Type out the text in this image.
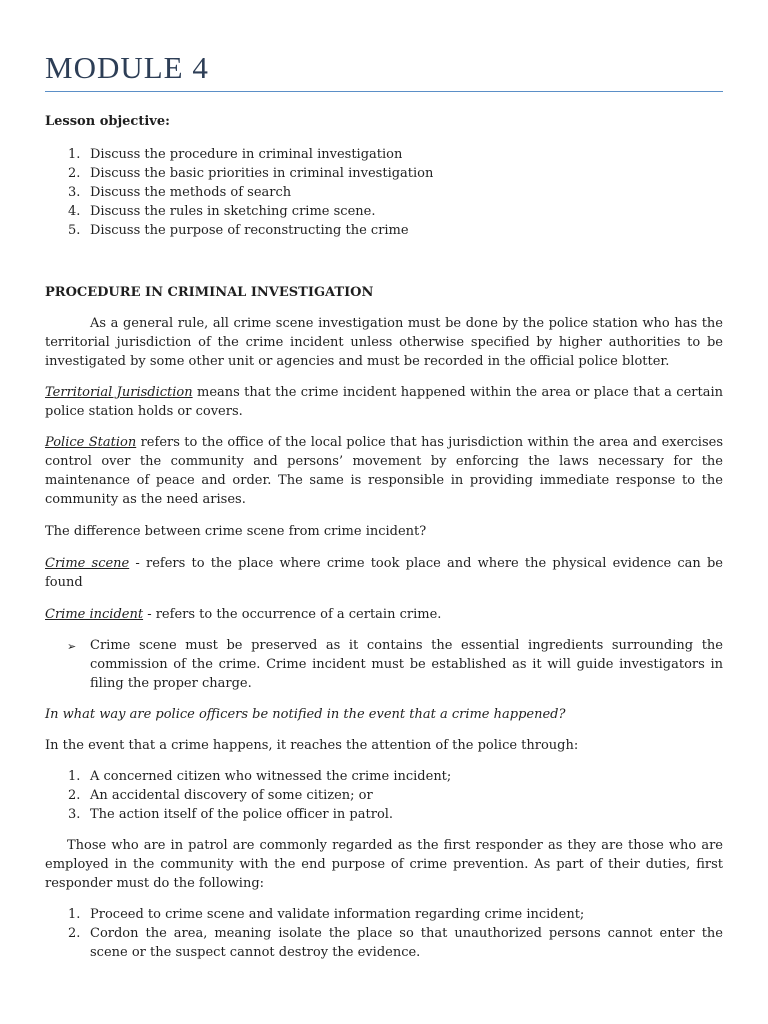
MODULE 4

Lesson objective:

1. Discuss the procedure in criminal investigation
2. Discuss the basic priorities in criminal investigation
3. Discuss the methods of search
4. Discuss the rules in sketching crime scene.
5. Discuss the purpose of reconstructing the crime

PROCEDURE IN CRIMINAL INVESTIGATION

As a general rule, all crime scene investigation must be done by the police station who has the territorial jurisdiction of the crime incident unless otherwise specified by higher authorities to be investigated by some other unit or agencies and must be recorded in the official police blotter.

Territorial Jurisdiction means that the crime incident happened within the area or place that a certain police station holds or covers.

Police Station refers to the office of the local police that has jurisdiction within the area and exercises control over the community and persons’ movement by enforcing the laws necessary for the maintenance of peace and order. The same is responsible in providing immediate response to the community as the need arises.

The difference between crime scene from crime incident?

Crime scene - refers to the place where crime took place and where the physical evidence can be found

Crime incident - refers to the occurrence of a certain crime.

➢ Crime scene must be preserved as it contains the essential ingredients surrounding the commission of the crime. Crime incident must be established as it will guide investigators in filing the proper charge.

In what way are police officers be notified in the event that a crime happened?

In the event that a crime happens, it reaches the attention of the police through:

1. A concerned citizen who witnessed the crime incident;
2. An accidental discovery of some citizen; or
3. The action itself of the police officer in patrol.

Those who are in patrol are commonly regarded as the first responder as they are those who are employed in the community with the end purpose of crime prevention. As part of their duties, first responder must do the following:

1. Proceed to crime scene and validate information regarding crime incident;
2. Cordon the area, meaning isolate the place so that unauthorized persons cannot enter the scene or the suspect cannot destroy the evidence.
